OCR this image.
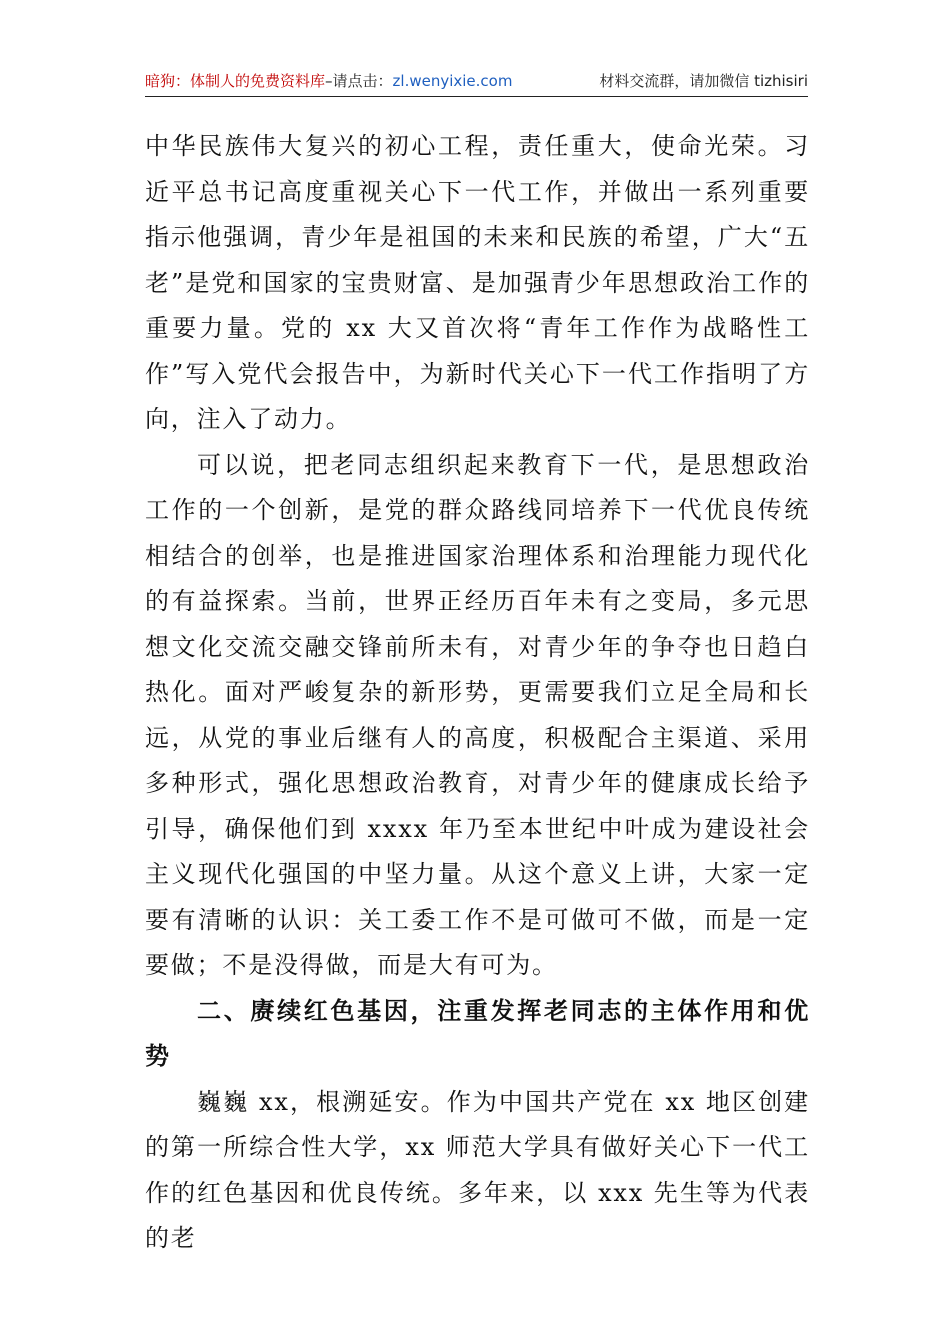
暗狗：体制人的免费资料库–请点击：zl.wenyixie.com	材料交流群，请加微信 tizhisiri

中华民族伟大复兴的初心工程，责任重大，使命光荣。习近平总书记高度重视关心下一代工作，并做出一系列重要指示他强调，青少年是祖国的未来和民族的希望，广大“五老”是党和国家的宝贵财富、是加强青少年思想政治工作的重要力量。党的 xx 大又首次将“青年工作作为战略性工作”写入党代会报告中，为新时代关心下一代工作指明了方向，注入了动力。

可以说，把老同志组织起来教育下一代，是思想政治工作的一个创新，是党的群众路线同培养下一代优良传统相结合的创举，也是推进国家治理体系和治理能力现代化的有益探索。当前，世界正经历百年未有之变局，多元思想文化交流交融交锋前所未有，对青少年的争夺也日趋白热化。面对严峻复杂的新形势，更需要我们立足全局和长远，从党的事业后继有人的高度，积极配合主渠道、采用多种形式，强化思想政治教育，对青少年的健康成长给予引导，确保他们到 xxxx 年乃至本世纪中叶成为建设社会主义现代化强国的中坚力量。从这个意义上讲，大家一定要有清晰的认识：关工委工作不是可做可不做，而是一定要做；不是没得做，而是大有可为。

二、赓续红色基因，注重发挥老同志的主体作用和优势

巍巍 xx，根溯延安。作为中国共产党在 xx 地区创建的第一所综合性大学，xx 师范大学具有做好关心下一代工作的红色基因和优良传统。多年来，以 xxx 先生等为代表的老
